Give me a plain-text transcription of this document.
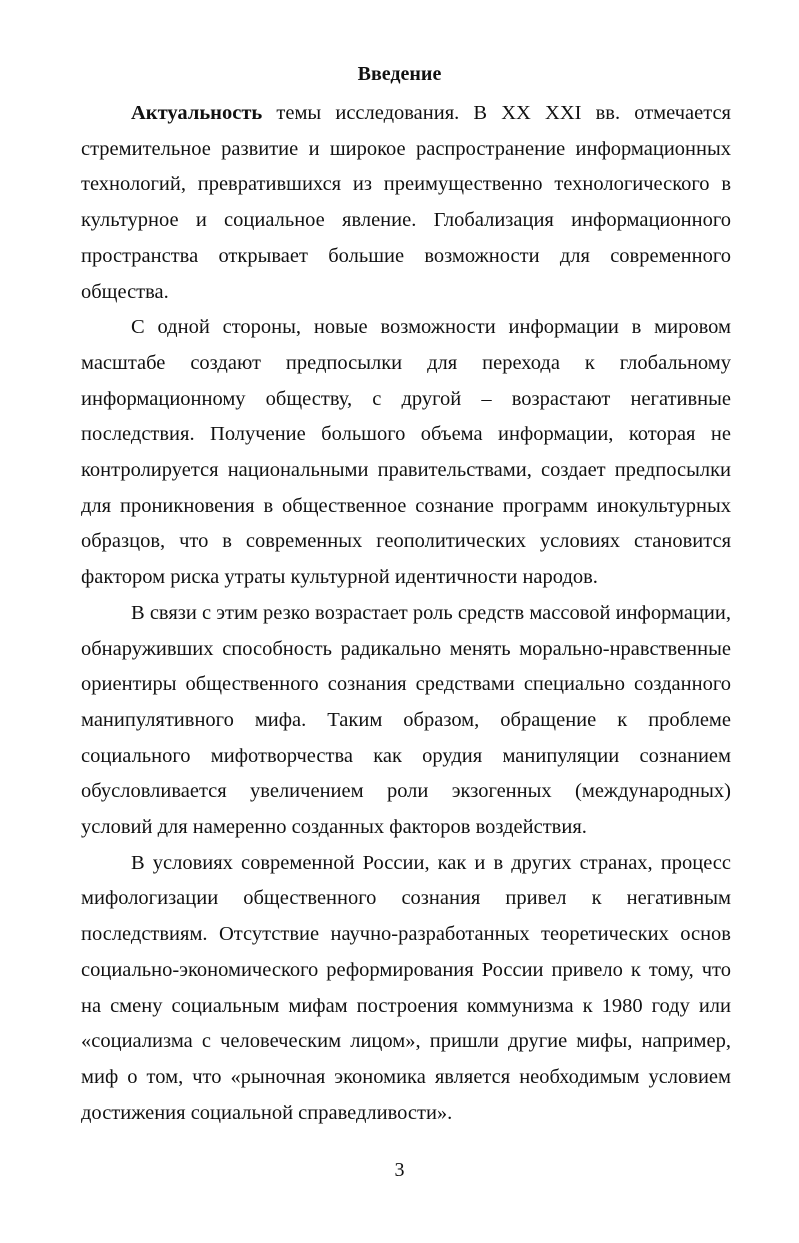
Введение

Актуальность темы исследования. В XX XXI вв. отмечается стремительное развитие и широкое распространение информационных технологий, превратившихся из преимущественно технологического в культурное и социальное явление. Глобализация информационного пространства открывает большие возможности для современного общества.

С одной стороны, новые возможности информации в мировом масштабе создают предпосылки для перехода к глобальному информационному обществу, с другой – возрастают негативные последствия. Получение большого объема информации, которая не контролируется национальными правительствами, создает предпосылки для проникновения в общественное сознание программ инокультурных образцов, что в современных геополитических условиях становится фактором риска утраты культурной идентичности народов.

В связи с этим резко возрастает роль средств массовой информации, обнаруживших способность радикально менять морально-нравственные ориентиры общественного сознания средствами специально созданного манипулятивного мифа. Таким образом, обращение к проблеме социального мифотворчества как орудия манипуляции сознанием обусловливается увеличением роли экзогенных (международных) условий для намеренно созданных факторов воздействия.

В условиях современной России, как и в других странах, процесс мифологизации общественного сознания привел к негативным последствиям. Отсутствие научно-разработанных теоретических основ социально-экономического реформирования России привело к тому, что на смену социальным мифам построения коммунизма к 1980 году или «социализма с человеческим лицом», пришли другие мифы, например, миф о том, что «рыночная экономика является необходимым условием достижения социальной справедливости».

3
